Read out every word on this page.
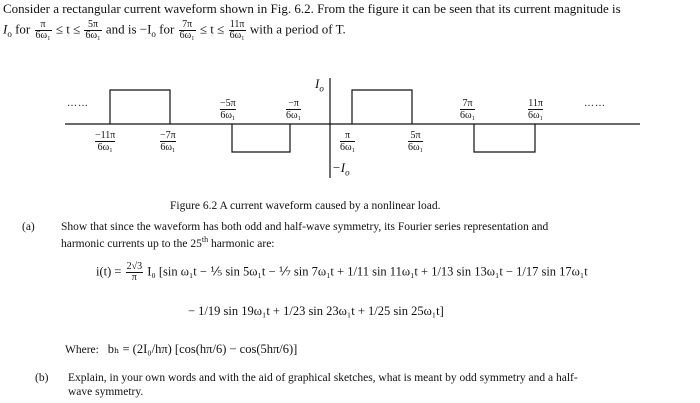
Consider a rectangular current waveform shown in Fig. 6.2. From the figure it can be seen that its current magnitude is
$I_o$ for $\frac{\pi}{\text{6ω₁}} \le t \le \frac{5\pi}{\text{6ω₁}}$ and is $-I_o$ for $\frac{7\pi}{\text{6ω₁}} \le t \le \frac{11\pi}{\text{6ω₁}}$ with a period of T.
……	……
$I_o$
$-I_o$
−11π
6ω₁
−7π
6ω₁
−5π
6ω₁
−π
6ω₁
π
6ω₁
5π
6ω₁
7π
6ω₁
11π
6ω₁
Figure 6.2 A current waveform caused by a nonlinear load.
(a) Show that since the waveform has both odd and half-wave symmetry, its Fourier series representation and
harmonic currents up to the 25th harmonic are:
$i(t) = \frac{2√3}{\pi} I_0$ [sin ω₁t − ⅕ sin 5ω₁t − ⅐ sin 7ω₁t + 1/11 sin 11ω₁t + 1/13 sin 13ω₁t − 1/17 sin 17ω₁t
− 1/19 sin 19ω₁t + 1/23 sin 23ω₁t + 1/25 sin 25ω₁t]
Where: bₕ = (2I₀/hπ) [cos(hπ/6) − cos(5hπ/6)]
(b) Explain, in your own words and with the aid of graphical sketches, what is meant by odd symmetry and a half-
wave symmetry.
